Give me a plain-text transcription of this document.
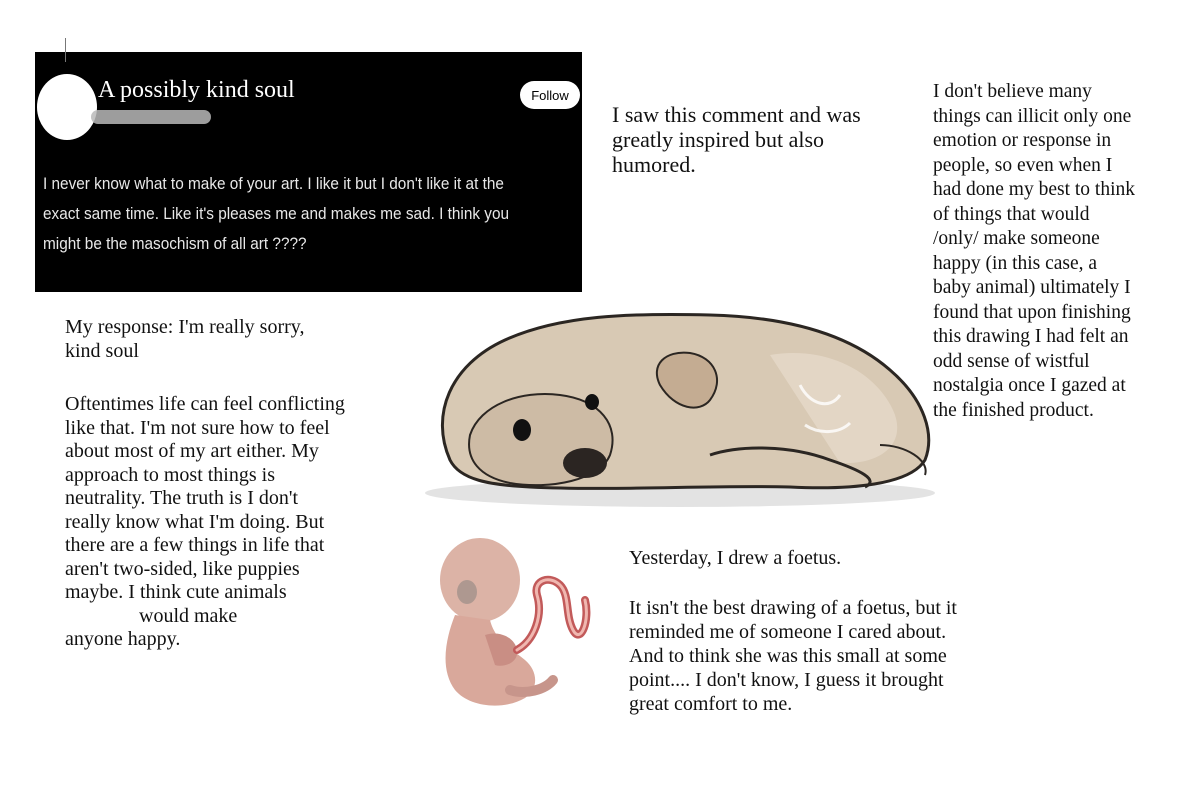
A possibly kind soul	Follow
I never know what to make of your art. I like it but I don't like it at the exact same time. Like it's pleases me and makes me sad. I think you might be the masochism of all art ????
I saw this comment and was greatly inspired but also humored.
I don't believe many
things can illicit only one
emotion or response in
people, so even when I
had done my best to think
of things that would
/only/ make someone
happy (in this case, a
baby animal) ultimately I
found that upon finishing
this drawing I had felt an
odd sense of wistful
nostalgia once I gazed at
the finished product.
My response: I'm really sorry,
kind soul
Oftentimes life can feel conflicting
like that. I'm not sure how to feel
about most of my art either. My
approach to most things is
neutrality. The truth is I don't
really know what I'm doing. But
there are a few things in life that
aren't two-sided, like puppies
maybe. I think cute animals
would make
anyone happy.
Yesterday, I drew a foetus.
It isn't the best drawing of a foetus, but it
reminded me of someone I cared about.
And to think she was this small at some
point.... I don't know, I guess it brought
great comfort to me.
